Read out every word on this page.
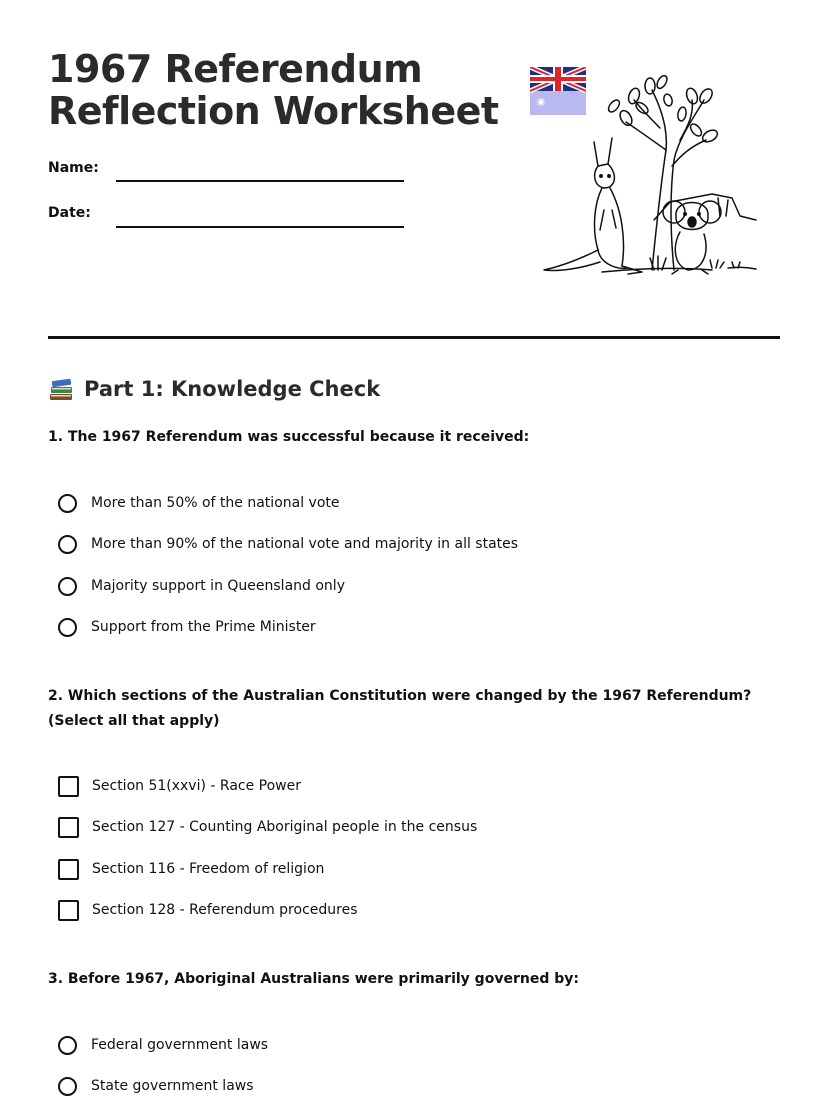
1967 Referendum
Reflection Worksheet
Name:
Date:
Part 1: Knowledge Check

1. The 1967 Referendum was successful because it received:

More than 50% of the national vote
More than 90% of the national vote and majority in all states
Majority support in Queensland only
Support from the Prime Minister

2. Which sections of the Australian Constitution were changed by the 1967 Referendum? (Select all that apply)

Section 51(xxvi) - Race Power
Section 127 - Counting Aboriginal people in the census
Section 116 - Freedom of religion
Section 128 - Referendum procedures

3. Before 1967, Aboriginal Australians were primarily governed by:

Federal government laws
State government laws
